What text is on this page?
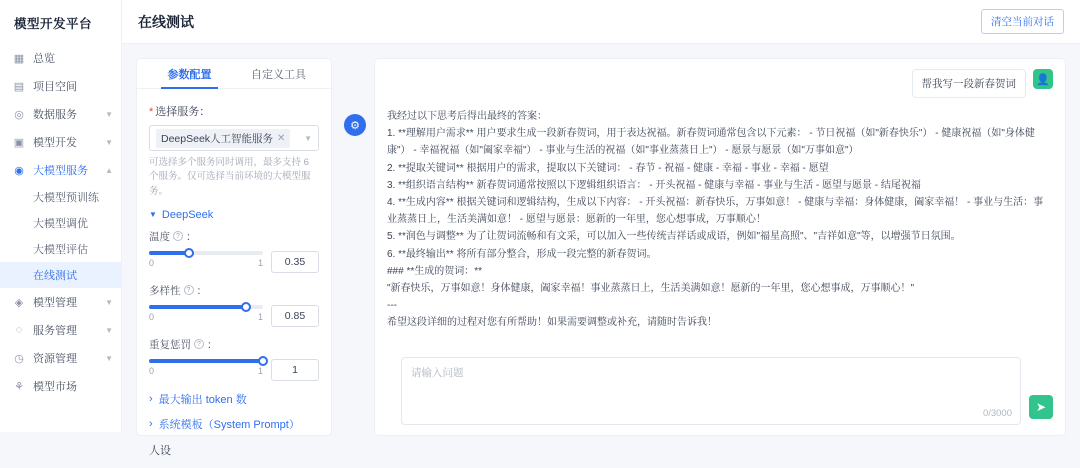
模型开发平台
▦ 总览
▤ 项目空间
◎ 数据服务	▼
▣ 模型开发	▼
◉ 大模型服务	▲
大模型预训练
大模型调优
大模型评估
在线测试
◈ 模型管理	▼
◌ 服务管理	▼
◷ 资源管理	▼
⚘ 模型市场
在线测试	清空当前对话
参数配置	自定义工具
* 选择服务：
DeepSeek人工智能服务 ✕ ▼
可选择多个服务同时调用，最多支持 6 个服务。仅可选择当前环境的大模型服务。
▼ DeepSeek
温度 ? ：
0	1	0.35
多样性 ? ：
0	1	0.85
重复惩罚 ? ：
0	1	1
› 最大输出 token 数
› 系统模板（System Prompt）
人设
⚙
帮我写一段新春贺词	👤

我经过以下思考后得出最终的答案：

1. **理解用户需求** 用户要求生成一段新春贺词，用于表达祝福。新春贺词通常包含以下元素： - 节日祝福（如"新春快乐"） - 健康祝福（如"身体健康"） - 幸福祝福（如"阖家幸福"） - 事业与生活的祝福（如"事业蒸蒸日上"） - 愿景与愿景（如"万事如意"）

2. **提取关键词** 根据用户的需求，提取以下关键词： - 春节 - 祝福 - 健康 - 幸福 - 事业 - 幸福 - 愿望

3. **组织语言结构** 新春贺词通常按照以下逻辑组织语言： - 开头祝福 - 健康与幸福 - 事业与生活 - 愿望与愿景 - 结尾祝福

4. **生成内容** 根据关键词和逻辑结构，生成以下内容： - 开头祝福：新春快乐，万事如意！ - 健康与幸福：身体健康，阖家幸福！ - 事业与生活：事业蒸蒸日上，生活美满如意！ - 愿望与愿景：愿新的一年里，您心想事成，万事顺心！

5. **润色与调整** 为了让贺词流畅和有文采，可以加入一些传统吉祥话或成语，例如"福星高照"、"吉祥如意"等，以增强节日氛围。

6. **最终输出** 将所有部分整合，形成一段完整的新春贺词。

### **生成的贺词：**

"新春快乐，万事如意！身体健康，阖家幸福！事业蒸蒸日上，生活美满如意！愿新的一年里，您心想事成，万事顺心！"

---

希望这段详细的过程对您有所帮助！如果需要调整或补充，请随时告诉我！

请输入问题
0/3000	➤
